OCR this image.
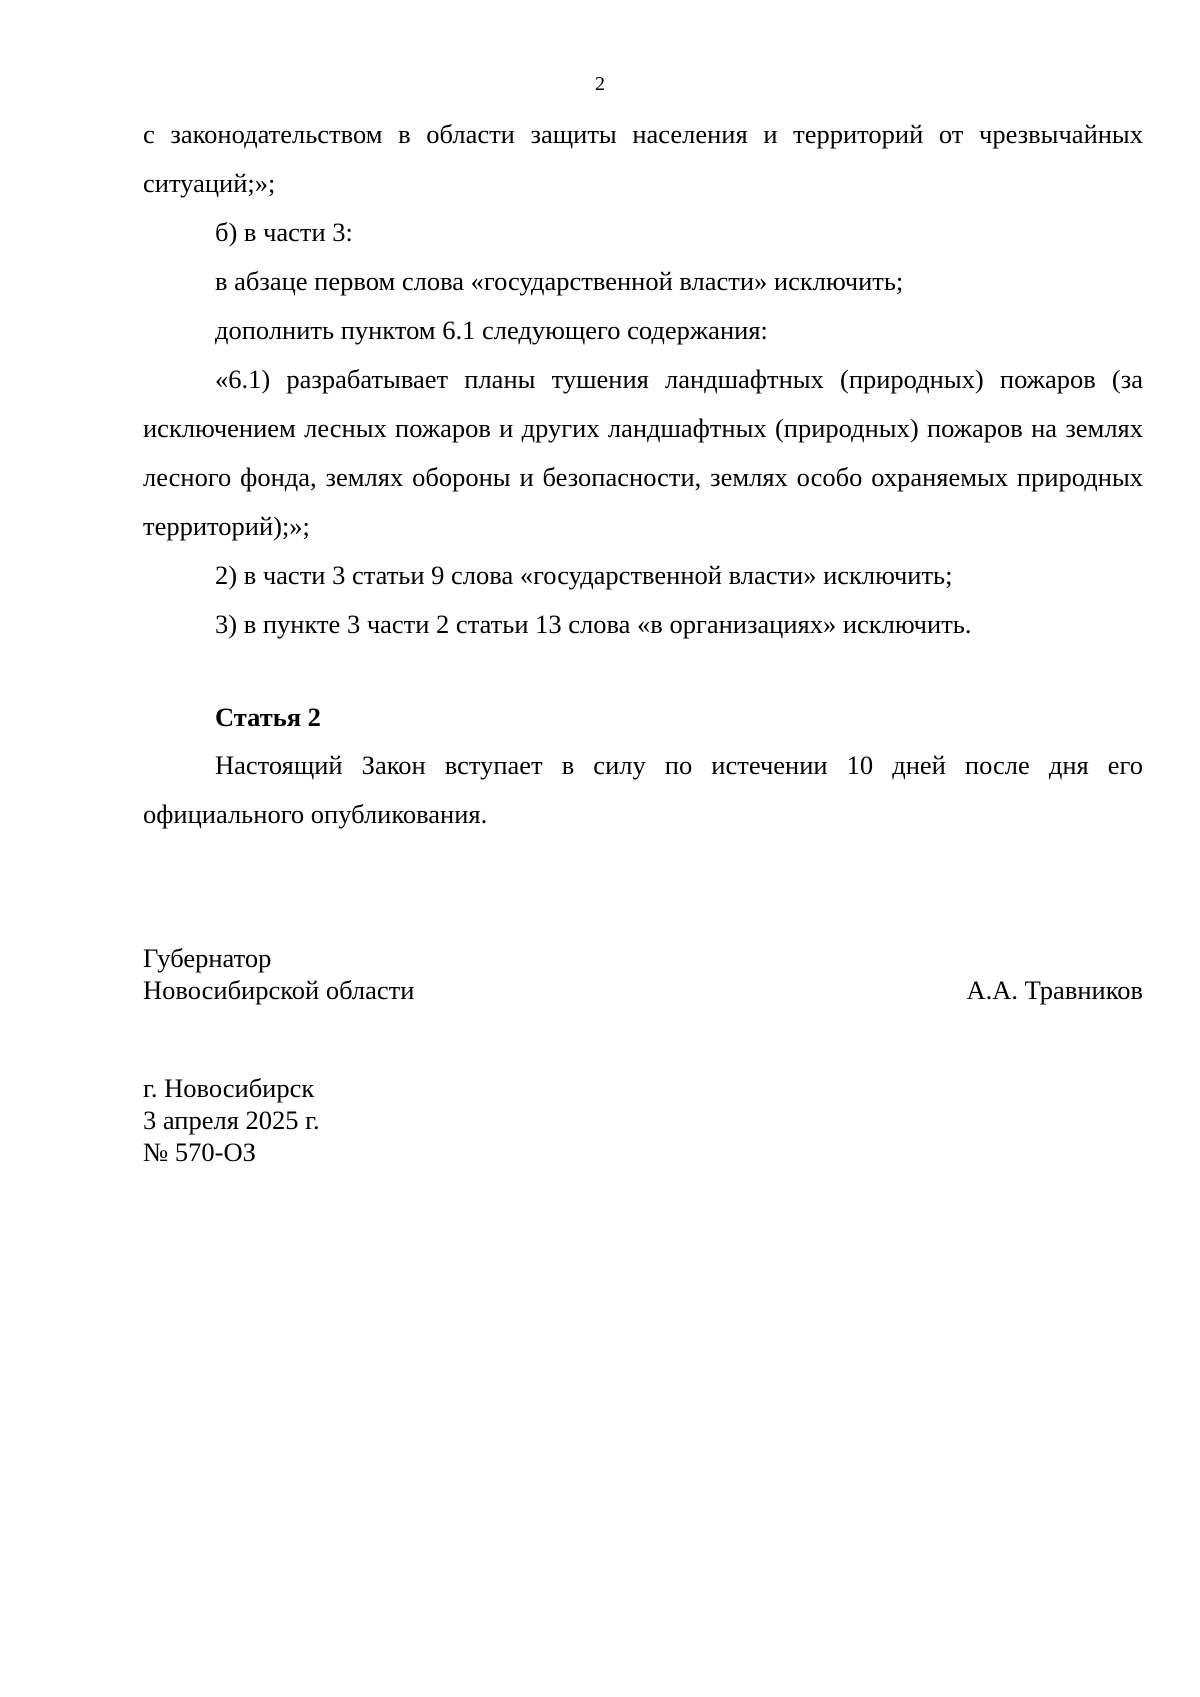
2

с законодательством в области защиты населения и территорий от чрезвычайных ситуаций;»;

б) в части 3:

в абзаце первом слова «государственной власти» исключить;

дополнить пунктом 6.1 следующего содержания:

«6.1) разрабатывает планы тушения ландшафтных (природных) пожаров (за исключением лесных пожаров и других ландшафтных (природных) пожаров на землях лесного фонда, землях обороны и безопасности, землях особо охраняемых природных территорий);»;

2) в части 3 статьи 9 слова «государственной власти» исключить;

3) в пункте 3 части 2 статьи 13 слова «в организациях» исключить.

Статья 2

Настоящий Закон вступает в силу по истечении 10 дней после дня его официального опубликования.

Губернатор
Новосибирской области	А.А. Травников
г. Новосибирск
3 апреля 2025 г.
№ 570-ОЗ
